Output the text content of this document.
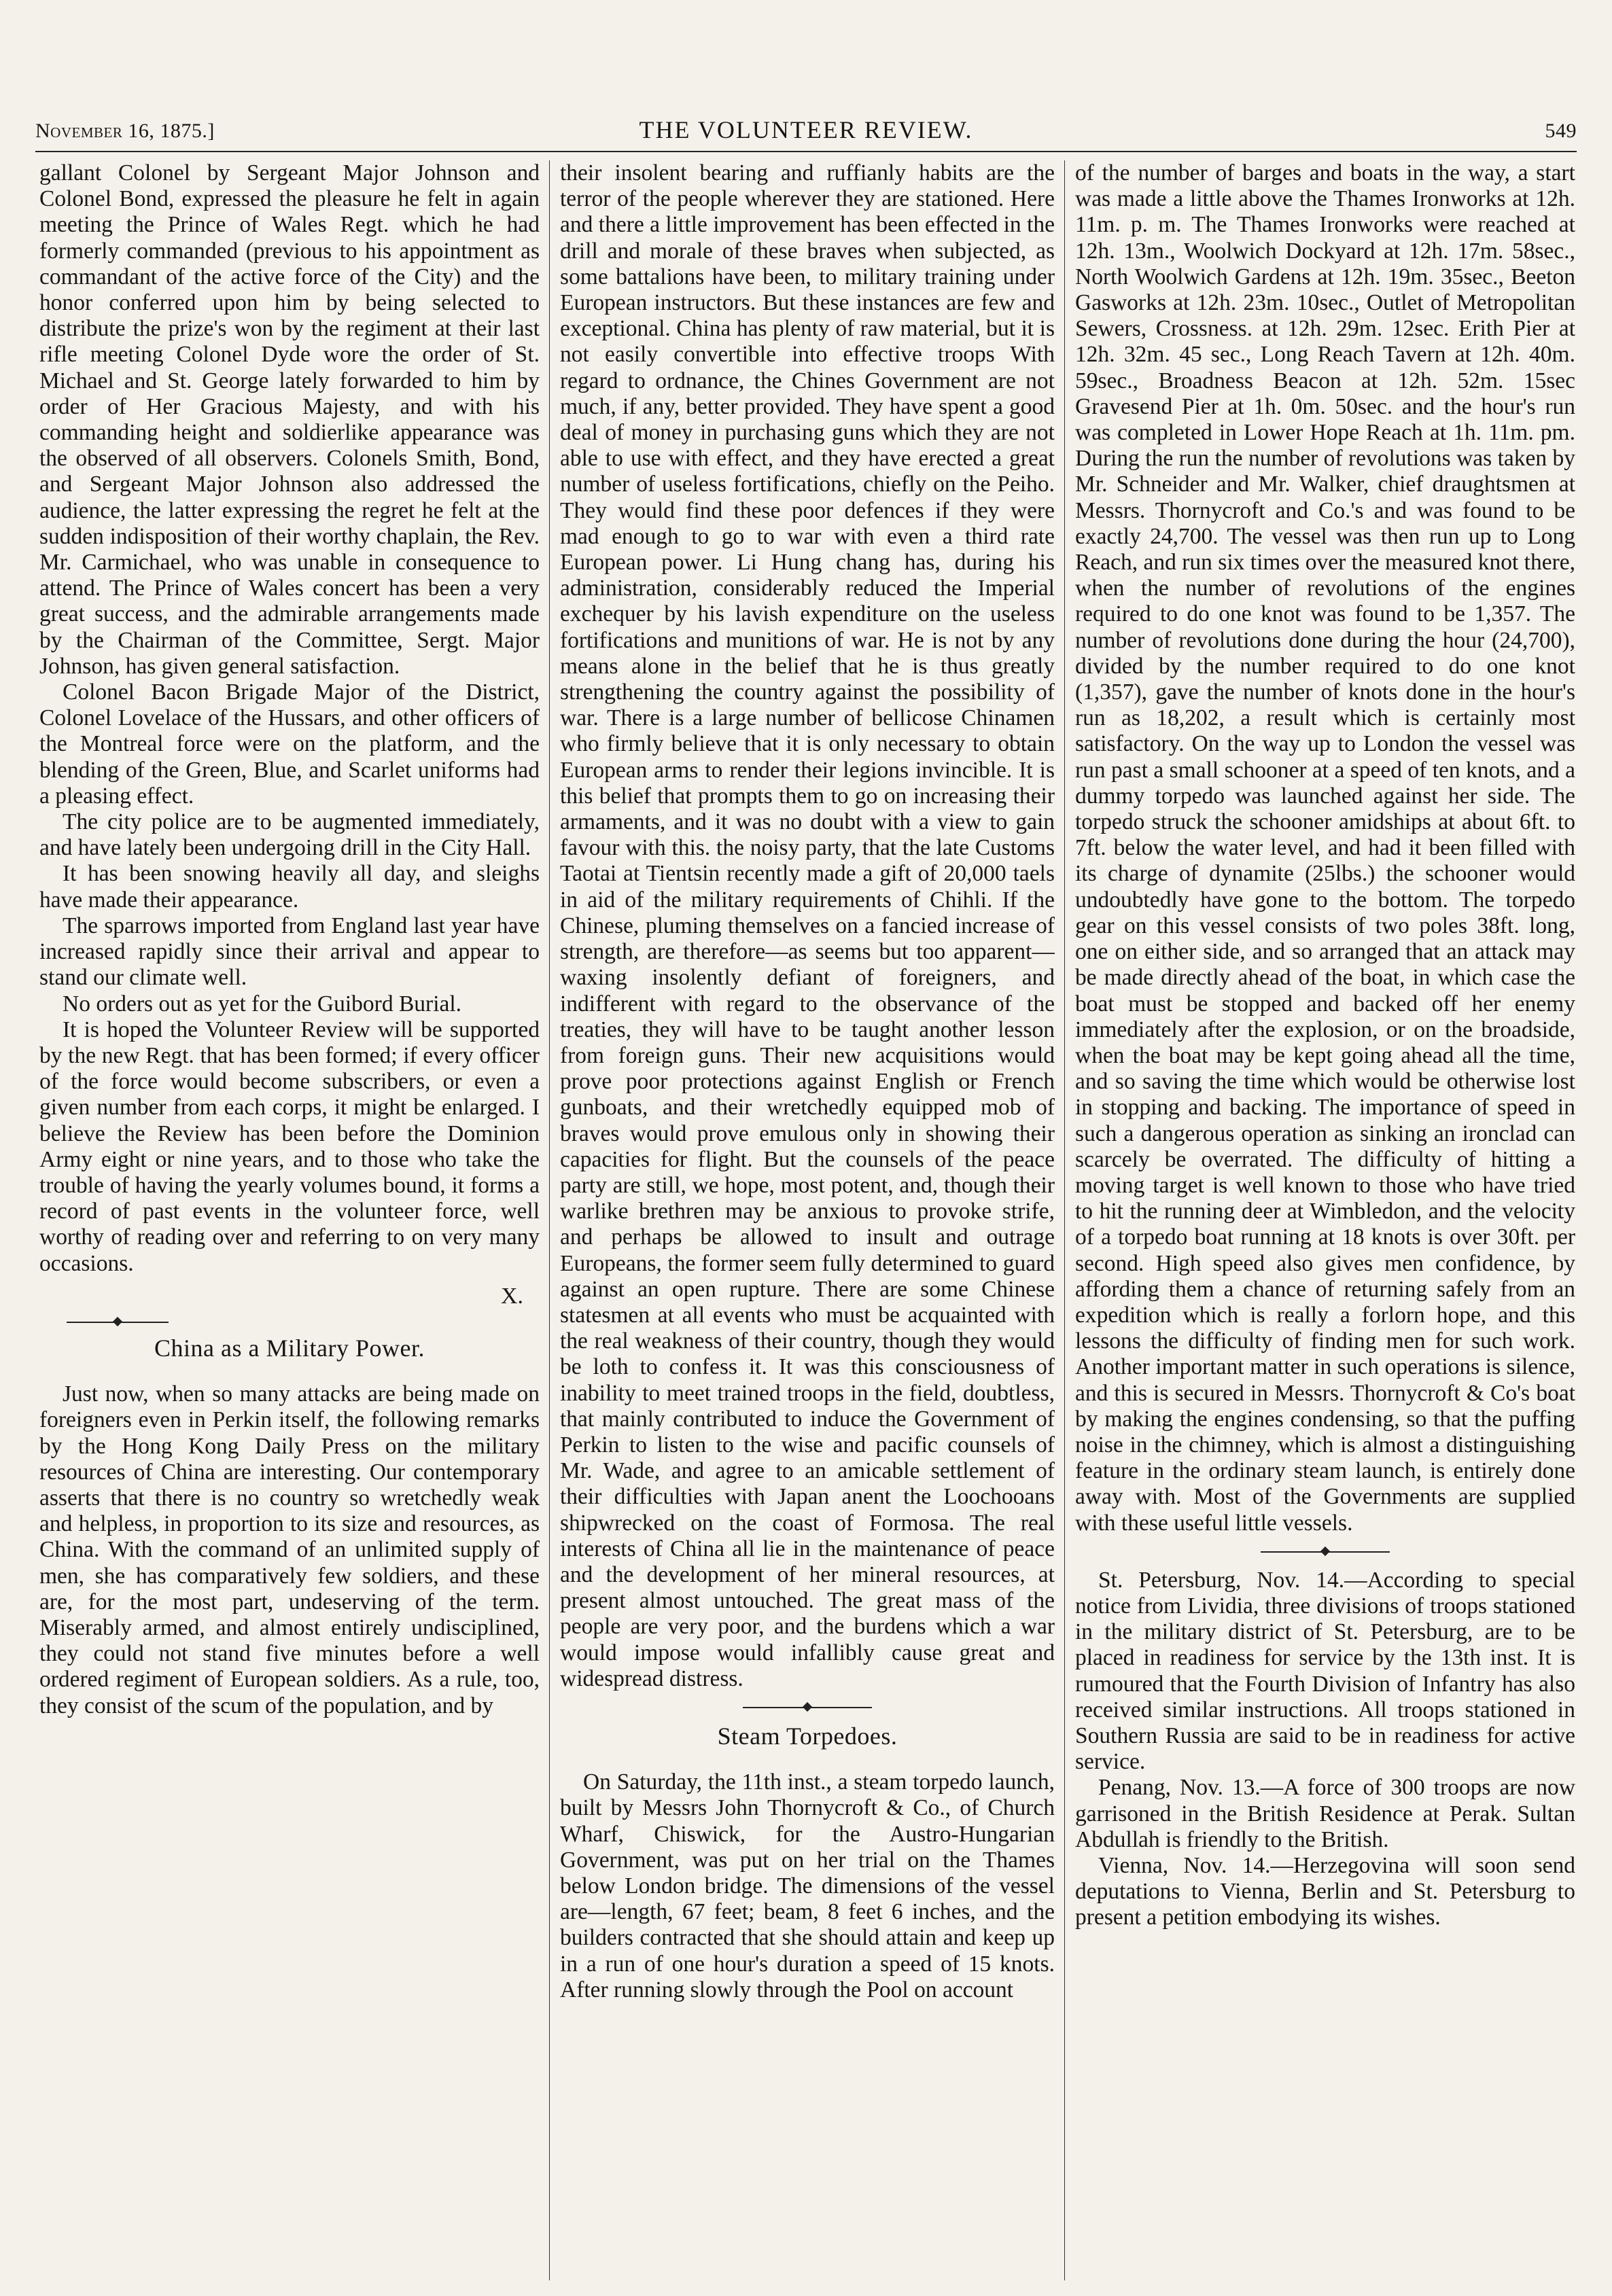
November 16, 1875.]	THE VOLUNTEER REVIEW.	549

gallant Colonel by Sergeant Major Johnson and Colonel Bond, expressed the pleasure he felt in again meeting the Prince of Wales Regt. which he had formerly commanded (previous to his appointment as commandant of the active force of the City) and the honor conferred upon him by being selected to distribute the prize's won by the regiment at their last rifle meeting Colonel Dyde wore the order of St. Michael and St. George lately forwarded to him by order of Her Gracious Majesty, and with his commanding height and soldierlike appearance was the observed of all observers. Colonels Smith, Bond, and Sergeant Major Johnson also addressed the audience, the latter expressing the regret he felt at the sudden indisposition of their worthy chaplain, the Rev. Mr. Carmichael, who was unable in consequence to attend. The Prince of Wales concert has been a very great success, and the admirable arrangements made by the Chairman of the Committee, Sergt. Major Johnson, has given general satisfaction.

Colonel Bacon Brigade Major of the District, Colonel Lovelace of the Hussars, and other officers of the Montreal force were on the platform, and the blending of the Green, Blue, and Scarlet uniforms had a pleasing effect.

The city police are to be augmented immediately, and have lately been undergoing drill in the City Hall.

It has been snowing heavily all day, and sleighs have made their appearance.

The sparrows imported from England last year have increased rapidly since their arrival and appear to stand our climate well.

No orders out as yet for the Guibord Burial.

It is hoped the Volunteer Review will be supported by the new Regt. that has been formed; if every officer of the force would become subscribers, or even a given number from each corps, it might be enlarged. I believe the Review has been before the Dominion Army eight or nine years, and to those who take the trouble of having the yearly volumes bound, it forms a record of past events in the volunteer force, well worthy of reading over and referring to on very many occasions.

X.
China as a Military Power.

Just now, when so many attacks are being made on foreigners even in Perkin itself, the following remarks by the Hong Kong Daily Press on the military resources of China are interesting. Our contemporary asserts that there is no country so wretchedly weak and helpless, in proportion to its size and resources, as China. With the command of an unlimited supply of men, she has comparatively few soldiers, and these are, for the most part, undeserving of the term. Miserably armed, and almost entirely undisciplined, they could not stand five minutes before a well ordered regiment of European soldiers. As a rule, too, they consist of the scum of the population, and by

their insolent bearing and ruffianly habits are the terror of the people wherever they are stationed. Here and there a little improvement has been effected in the drill and morale of these braves when subjected, as some battalions have been, to military training under European instructors. But these instances are few and exceptional. China has plenty of raw material, but it is not easily convertible into effective troops With regard to ordnance, the Chines Government are not much, if any, better provided. They have spent a good deal of money in purchasing guns which they are not able to use with effect, and they have erected a great number of useless fortifications, chiefly on the Peiho. They would find these poor defences if they were mad enough to go to war with even a third rate European power. Li Hung chang has, during his administration, considerably reduced the Imperial exchequer by his lavish expenditure on the useless fortifications and munitions of war. He is not by any means alone in the belief that he is thus greatly strengthening the country against the possibility of war. There is a large number of bellicose Chinamen who firmly believe that it is only necessary to obtain European arms to render their legions invincible. It is this belief that prompts them to go on increasing their armaments, and it was no doubt with a view to gain favour with this. the noisy party, that the late Customs Taotai at Tientsin recently made a gift of 20,000 taels in aid of the military requirements of Chihli. If the Chinese, pluming themselves on a fancied increase of strength, are therefore—as seems but too apparent—waxing insolently defiant of foreigners, and indifferent with regard to the observance of the treaties, they will have to be taught another lesson from foreign guns. Their new acquisitions would prove poor protections against English or French gunboats, and their wretchedly equipped mob of braves would prove emulous only in showing their capacities for flight. But the counsels of the peace party are still, we hope, most potent, and, though their warlike brethren may be anxious to provoke strife, and perhaps be allowed to insult and outrage Europeans, the former seem fully determined to guard against an open rupture. There are some Chinese statesmen at all events who must be acquainted with the real weakness of their country, though they would be loth to confess it. It was this consciousness of inability to meet trained troops in the field, doubtless, that mainly contributed to induce the Government of Perkin to listen to the wise and pacific counsels of Mr. Wade, and agree to an amicable settlement of their difficulties with Japan anent the Loochooans shipwrecked on the coast of Formosa. The real interests of China all lie in the maintenance of peace and the development of her mineral resources, at present almost untouched. The great mass of the people are very poor, and the burdens which a war would impose would infallibly cause great and widespread distress.

Steam Torpedoes.

On Saturday, the 11th inst., a steam torpedo launch, built by Messrs John Thornycroft & Co., of Church Wharf, Chiswick, for the Austro-Hungarian Government, was put on her trial on the Thames below London bridge. The dimensions of the vessel are—length, 67 feet; beam, 8 feet 6 inches, and the builders contracted that she should attain and keep up in a run of one hour's duration a speed of 15 knots. After running slowly through the Pool on account

of the number of barges and boats in the way, a start was made a little above the Thames Ironworks at 12h. 11m. p. m. The Thames Ironworks were reached at 12h. 13m., Woolwich Dockyard at 12h. 17m. 58sec., North Woolwich Gardens at 12h. 19m. 35sec., Beeton Gasworks at 12h. 23m. 10sec., Outlet of Metropolitan Sewers, Crossness. at 12h. 29m. 12sec. Erith Pier at 12h. 32m. 45 sec., Long Reach Tavern at 12h. 40m. 59sec., Broadness Beacon at 12h. 52m. 15sec Gravesend Pier at 1h. 0m. 50sec. and the hour's run was completed in Lower Hope Reach at 1h. 11m. pm. During the run the number of revolutions was taken by Mr. Schneider and Mr. Walker, chief draughtsmen at Messrs. Thornycroft and Co.'s and was found to be exactly 24,700. The vessel was then run up to Long Reach, and run six times over the measured knot there, when the number of revolutions of the engines required to do one knot was found to be 1,357. The number of revolutions done during the hour (24,700), divided by the number required to do one knot (1,357), gave the number of knots done in the hour's run as 18,202, a result which is certainly most satisfactory. On the way up to London the vessel was run past a small schooner at a speed of ten knots, and a dummy torpedo was launched against her side. The torpedo struck the schooner amidships at about 6ft. to 7ft. below the water level, and had it been filled with its charge of dynamite (25lbs.) the schooner would undoubtedly have gone to the bottom. The torpedo gear on this vessel consists of two poles 38ft. long, one on either side, and so arranged that an attack may be made directly ahead of the boat, in which case the boat must be stopped and backed off her enemy immediately after the explosion, or on the broadside, when the boat may be kept going ahead all the time, and so saving the time which would be otherwise lost in stopping and backing. The importance of speed in such a dangerous operation as sinking an ironclad can scarcely be overrated. The difficulty of hitting a moving target is well known to those who have tried to hit the running deer at Wimbledon, and the velocity of a torpedo boat running at 18 knots is over 30ft. per second. High speed also gives men confidence, by affording them a chance of returning safely from an expedition which is really a forlorn hope, and this lessons the difficulty of finding men for such work. Another important matter in such operations is silence, and this is secured in Messrs. Thornycroft & Co's boat by making the engines condensing, so that the puffing noise in the chimney, which is almost a distinguishing feature in the ordinary steam launch, is entirely done away with. Most of the Governments are supplied with these useful little vessels.

St. Petersburg, Nov. 14.—According to special notice from Lividia, three divisions of troops stationed in the military district of St. Petersburg, are to be placed in readiness for service by the 13th inst. It is rumoured that the Fourth Division of Infantry has also received similar instructions. All troops stationed in Southern Russia are said to be in readiness for active service.

Penang, Nov. 13.—A force of 300 troops are now garrisoned in the British Residence at Perak. Sultan Abdullah is friendly to the British.

Vienna, Nov. 14.—Herzegovina will soon send deputations to Vienna, Berlin and St. Petersburg to present a petition embodying its wishes.
